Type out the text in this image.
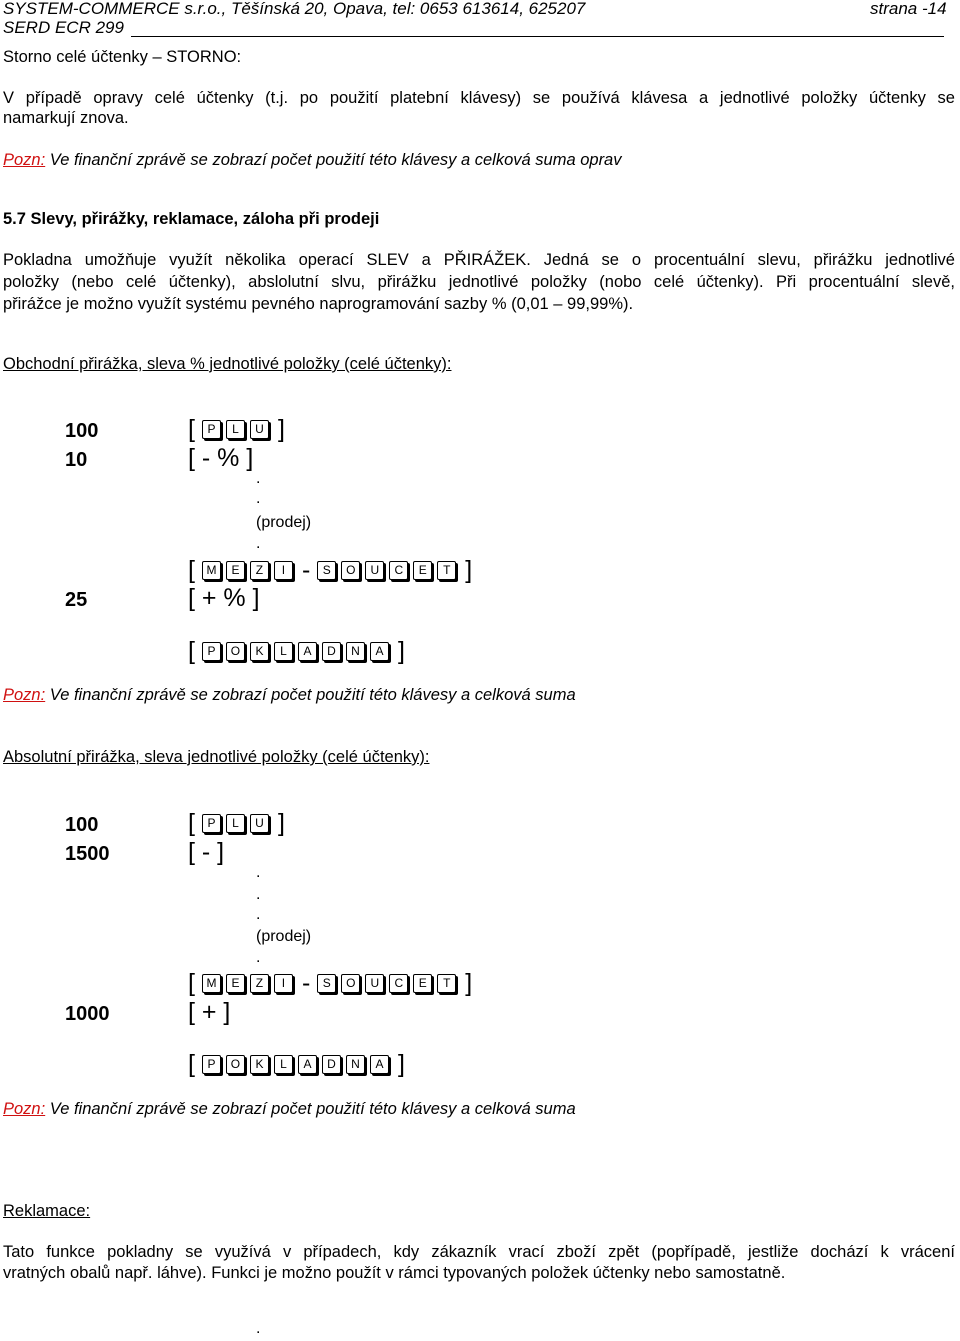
SYSTEM-COMMERCE s.r.o., Těšínská 20, Opava, tel: 0653 613614, 625207	strana -14
SERD ECR 299
Storno celé účtenky – STORNO:
V případě opravy celé účtenky (t.j. po použití platební klávesy) se používá klávesa a jednotlivé položky účtenky se
namarkují znova.
Pozn: Ve finanční zprávě se zobrazí počet použití této klávesy a celková suma oprav
5.7 Slevy, přirážky, reklamace, záloha při prodeji
Pokladna umožňuje využít několika operací SLEV a PŘIRÁŽEK. Jedná se o procentuální slevu, přirážku jednotlivé
položky (nebo celé účtenky), abslolutní slvu, přirážku jednotlivé položky (nobo celé účtenky). Při procentuální slevě,
přirážce je možno využít systému pevného naprogramování sazby % (0,01 – 99,99%).
Obchodní přirážka, sleva % jednotlivé položky (celé účtenky):
100	[	P	L	U ]
10	[ - % ]
.
.
(prodej)
.
[ M	E	Z	I -	S	O	U	C	E	T ]
25	[ + % ]
[	P	O	K	L	A	D	N	A ]
Pozn: Ve finanční zprávě se zobrazí počet použití této klávesy a celková suma
Absolutní přirážka, sleva jednotlivé položky (celé účtenky):
100	[	P	L	U ]
1500	[ - ]
.
.
.
(prodej)
.
[ M	E	Z	I -	S	O	U	C	E	T ]
1000	[ + ]
[	P	O	K	L	A	D	N	A ]
Pozn: Ve finanční zprávě se zobrazí počet použití této klávesy a celková suma
Reklamace:
Tato funkce pokladny se využívá v případech, kdy zákazník vrací zboží zpět (popřípadě, jestliže dochází k vrácení
vratných obalů např. láhve). Funkci je možno použít v rámci typovaných položek účtenky nebo samostatně.
.
